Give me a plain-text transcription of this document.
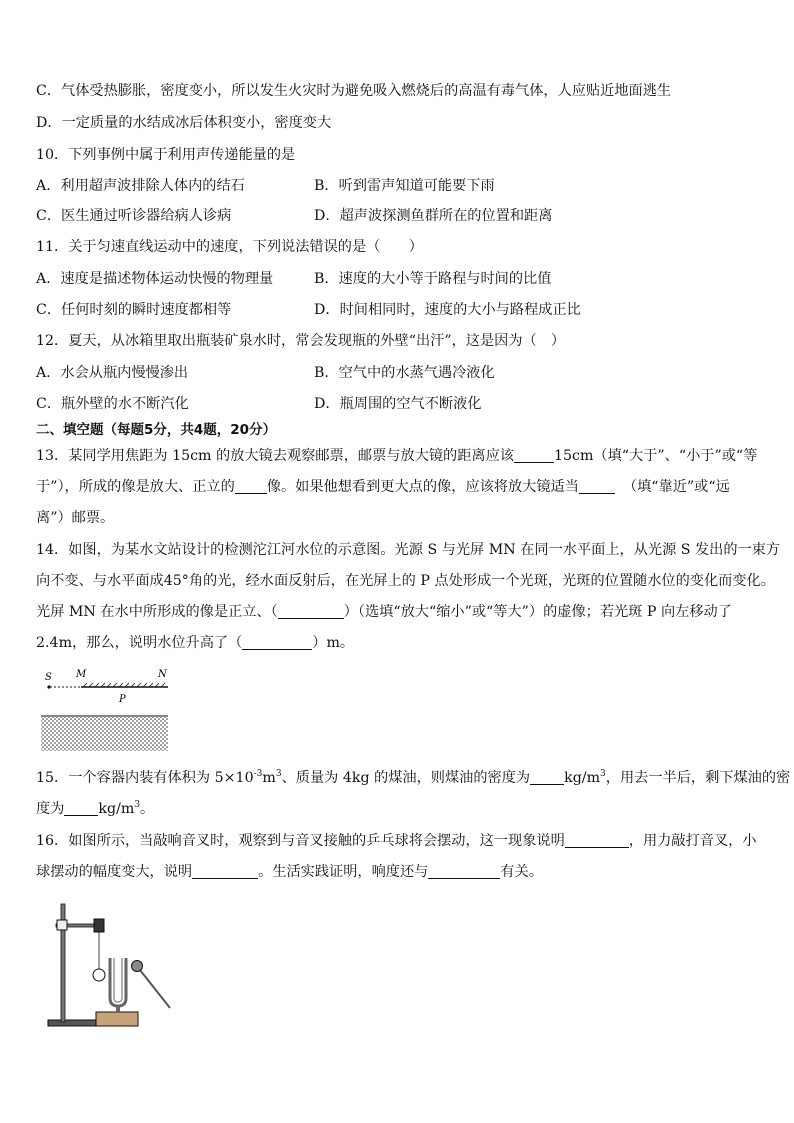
C．气体受热膨胀，密度变小，所以发生火灾时为避免吸入燃烧后的高温有毒气体，人应贴近地面逃生
D．一定质量的水结成冰后体积变小，密度变大
10．下列事例中属于利用声传递能量的是
A．利用超声波排除人体内的结石	B．听到雷声知道可能要下雨
C．医生通过听诊器给病人诊病	D．超声波探测鱼群所在的位置和距离
11．关于匀速直线运动中的速度，下列说法错误的是（　　）
A．速度是描述物体运动快慢的物理量	B．速度的大小等于路程与时间的比值
C．任何时刻的瞬时速度都相等	D．时间相同时，速度的大小与路程成正比
12．夏天，从冰箱里取出瓶装矿泉水时，常会发现瓶的外壁“出汗”，这是因为（　）
A．水会从瓶内慢慢渗出	B．空气中的水蒸气遇冷液化
C．瓶外壁的水不断汽化	D．瓶周围的空气不断液化
二、填空题（每题5分，共4题，20分）
13．某同学用焦距为 15cm 的放大镜去观察邮票，邮票与放大镜的距离应该	15cm（填“大于”、“小于”或“等
于”），所成的像是放大、正立的 像。如果他想看到更大点的像，应该将放大镜适当	（填“靠近”或“远
离”）邮票。
14．如图，为某水文站设计的检测沱江河水位的示意图。光源 S 与光屏 MN 在同一水平面上，从光源 S 发出的一束方
向不变、与水平面成45°角的光，经水面反射后，在光屏上的 P 点处形成一个光斑，光斑的位置随水位的变化而变化。
光屏 MN 在水中所形成的像是正立、（	）（选填“放大“缩小”或“等大”）的虚像；若光斑 P 向左移动了
2.4m，那么，说明水位升高了（	）m。
S M	N
P
15．一个容器内装有体积为 $5\times 10^{-3}m^3$、质量为 4kg 的煤油，则煤油的密度为 $kg/m^3$，用去一半后，剩下煤油的密
度为 $kg/m^3$。
16．如图所示，当敲响音叉时，观察到与音叉接触的乒乓球将会摆动，这一现象说明	，用力敲打音叉，小
球摆动的幅度变大，说明	。生活实践证明，响度还与	有关。
